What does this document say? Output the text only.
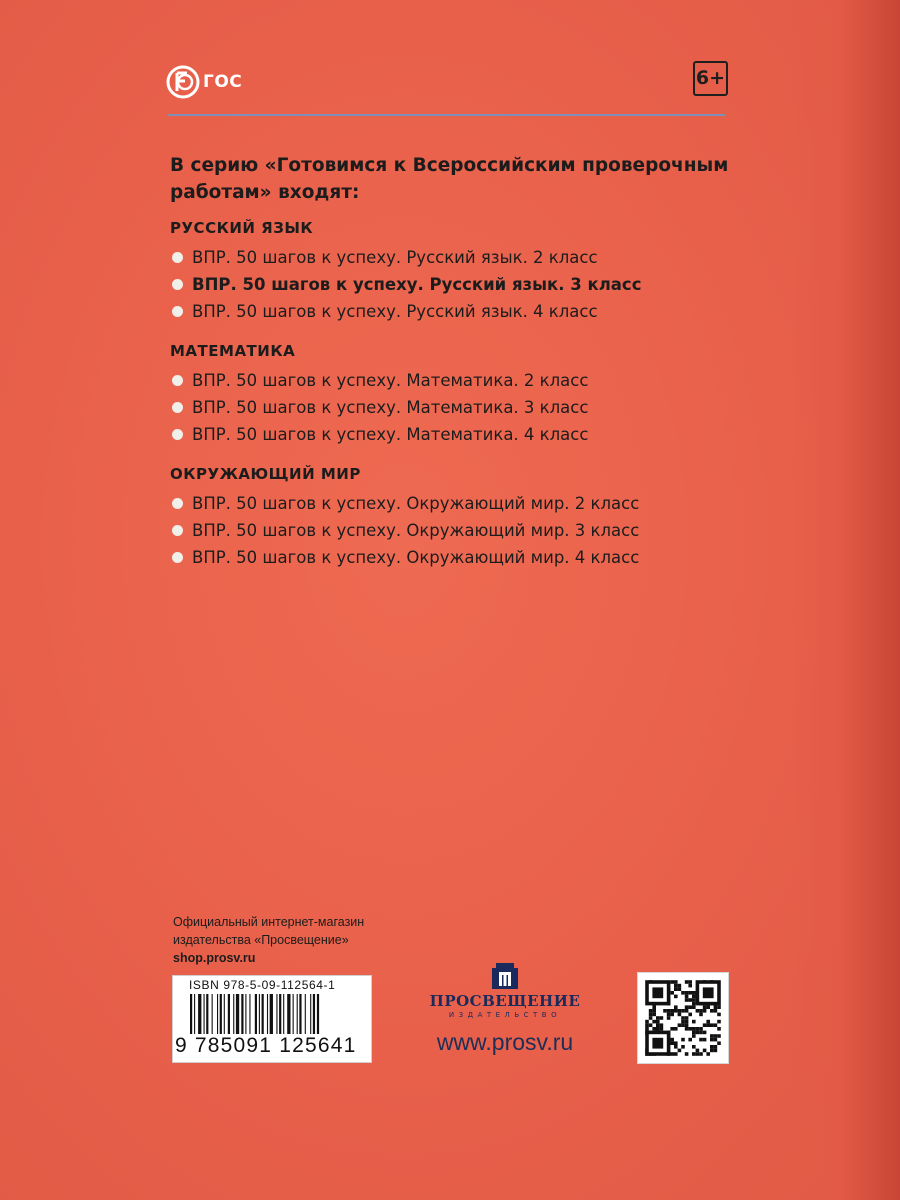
ГОС	6+

В серию «Готовимся к Всероссийским проверочным работам» входят:

РУССКИЙ ЯЗЫК
ВПР. 50 шагов к успеху. Русский язык. 2 класс
ВПР. 50 шагов к успеху. Русский язык. 3 класс
ВПР. 50 шагов к успеху. Русский язык. 4 класс
МАТЕМАТИКА
ВПР. 50 шагов к успеху. Математика. 2 класс
ВПР. 50 шагов к успеху. Математика. 3 класс
ВПР. 50 шагов к успеху. Математика. 4 класс
ОКРУЖАЮЩИЙ МИР
ВПР. 50 шагов к успеху. Окружающий мир. 2 класс
ВПР. 50 шагов к успеху. Окружающий мир. 3 класс
ВПР. 50 шагов к успеху. Окружающий мир. 4 класс
Официальный интернет-магазин
издательства «Просвещение»
shop.prosv.ru
ISBN 978-5-09-112564-1
9 785091 125641
ПРОСВЕЩЕНИЕ
ИЗДАТЕЛЬСТВО
www.prosv.ru
